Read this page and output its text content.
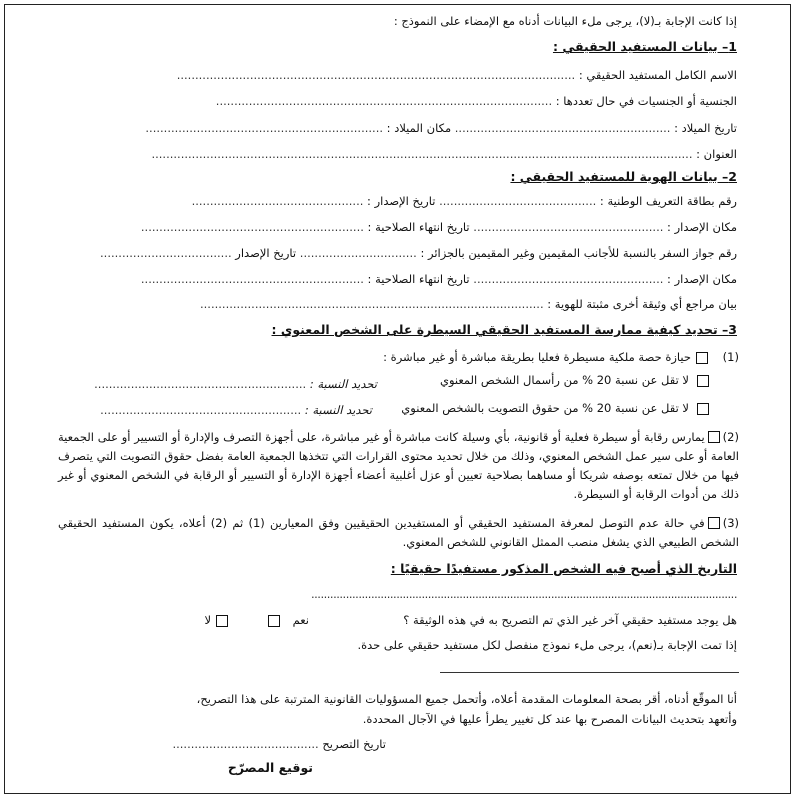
إذا كانت الإجابة بـ(لا)، يرجى ملء البيانات أدناه مع الإمضاء على النموذج :
1– بيانات المستفيد الحقيقي :
الاسم الكامل المستفيد الحقيقي : .............................................................................................................
الجنسية أو الجنسيات في حال تعددها : ............................................................................................
تاريخ الميلاد : ........................................................... مكان الميلاد : .................................................................
العنوان : ....................................................................................................................................................
2– بيانات الهوية للمستفيد الحقيقي :
رقم بطاقة التعريف الوطنية : ........................................... تاريخ الإصدار : ...............................................
مكان الإصدار : .................................................... تاريخ انتهاء الصلاحية : .............................................................
رقم جواز السفر بالنسبة للأجانب المقيمين وغير المقيمين بالجزائر : ................................ تاريخ الإصدار ....................................
مكان الإصدار : .................................................... تاريخ انتهاء الصلاحية : .............................................................
بيان مراجع أي وثيقة أخرى مثبتة للهوية : ..............................................................................................
3– تحديد كيفية ممارسة المستفيد الحقيقي السيطرة على الشخص المعنوي :
(1)
حيازة حصة ملكية مسيطرة فعليا بطريقة مباشرة أو غير مباشرة :
لا تقل عن نسبة 20 % من رأسمال الشخص المعنوي
تحديد النسبة : ..........................................................
لا تقل عن نسبة 20 % من حقوق التصويت بالشخص المعنوي
تحديد النسبة : .......................................................
(2)يمارس رقابة أو سيطرة فعلية أو قانونية، بأي وسيلة كانت مباشرة أو غير مباشرة، على أجهزة التصرف والإدارة أو التسيير أو على الجمعية العامة أو على سير عمل الشخص المعنوي، وذلك من خلال تحديد محتوى القرارات التي تتخذها الجمعية العامة بفضل حقوق التصويت التي يتصرف فيها من خلال تمتعه بوصفه شريكا أو مساهما بصلاحية تعيين أو عزل أغلبية أعضاء أجهزة الإدارة أو التسيير أو الرقابة في الشخص المعنوي أو غير ذلك من أدوات الرقابة أو السيطرة.
(3)في حالة عدم التوصل لمعرفة المستفيد الحقيقي أو المستفيدين الحقيقيين وفق المعيارين (1) ثم (2) أعلاه، يكون المستفيد الحقيقي الشخص الطبيعي الذي يشغل منصب الممثل القانوني للشخص المعنوي.
التاريخ الذي أصبح فيه الشخص المذكور مستفيدًا حقيقيًا :
.......................................................................................................................................
هل يوجد مستفيد حقيقي آخر غير الذي تم التصريح به في هذه الوثيقة ؟
نعم
لا
إذا تمت الإجابة بـ(نعم)، يرجى ملء نموذج منفصل لكل مستفيد حقيقي على حدة.
أنا الموقّع أدناه، أقر بصحة المعلومات المقدمة أعلاه، وأتحمل جميع المسؤوليات القانونية المترتبة على هذا التصريح،
وأتعهد بتحديث البيانات المصرح بها عند كل تغيير يطرأ عليها في الآجال المحددة.
تاريخ التصريح ........................................
توقيع المصرّح
